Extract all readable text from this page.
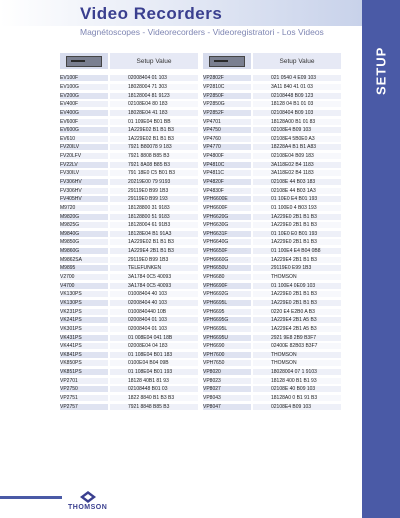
Video Recorders
Magnétoscopes - Videorecorders - Videoregistratori - Los Videos
SETUP
Setup Value
EV100F	02008404 01 103
EV100G	18028004 71 303
EV200G	18128004 81 9123
EV400F	02108E04 80 183
EV400G	18028E04 41 183
EV600F	01 109E04 B01 BB
EV600G	1A229E02 B1 B1 B3
EV610	1A229E02 B1 B1 B3
FV20ILV	7921 B80078 9 183
FV20LFV	7921 8808 B85 B3
FV22LV	7921 8A08 B85 B3
FV30ILV	791 18E0 C5 B01 B3
FV306HV	20219E00 79 9193
FV306HV	29119E0 B99 1B3
FV405HV	29119E0 B99 193
M9720	18128800 31 9183
M9820G	18128800 51 9183
M9825G	18128004 61 91B3
M9840G	18128E04 B1 91A3
M9850G	1A229E02 B1 B1 B3
M9860G	1A229E4 2B1 B1 B3
M9862SA	29119E0 B99 1B3
M9895	TELEFUNKEN
V2700	3A1784 0C5 40093
V4700	3A1784 0C5 40093
VK130PS	01008404 40 103
VK130PS	02008404 40 103
VK231PS	0100840440 10B
VK241PS	02008404 01 103
VK301PS	02008404 01 103
VK431PS	01 008E04 041 18B
VK441PS	02008E04 04 183
VK841PS	01 108E04 B01 183
VK850PS	0100E04 B04 09B
VK851PS	01 108E04 B01 193
VP2701	18128 40B1 81 93
VP2750	02108448 B01 03
VP2751	1822 8840 B1 B3 B3
VP2757	7921 8848 B85 B3
Setup Value
VP2802F	021 0540 4 E09 103
VP2810C	3A11 840 41 01 03
VP2850F	02108448 B09 123
VP2850G	18128 04 B1 01 03
VP2852F	02108404 B09 103
VP4701	18128A00 B1 01 83
VP4750	02108E4 B09 103
VP4760	02108E4 5B0E0 A3
VP4770	18228A4 B1 B1 A83
VP4800F	02108E04 B09 183
VP4810C	3A118E02 B4 1183
VP4811C	3A118E02 B4 1183
VP4820F	02108E 44 B03 183
VP4830F	02108E 44 B03 1A3
VPH6600E	01 10E0 E4 B01 193
VPH6600F	01 100E0 4 B03 193
VPH6620G	1A229E0 2B1 B1 B3
VPH6630G	1A229E0 2B1 B1 B3
VPH6631F	01 10E0 E0 B01 193
VPH6640G	1A229E0 2B1 B1 B3
VPH6650F	01 100E4 E4 B04 0B8
VPH6660G	1A229E4 2B1 B1 B3
VPH6650U	29119E0 E99 1B3
VPH6680	THOMSON
VPH6690F	01 100E4 0E09 103
VPH6692G	1A229E0 2B1 B1 B3
VPH6695L	1A229E0 2B1 B1 B3
VPH6695	0220 E4 E2B0 A B3
VPH6695G	1A229E4 2B1 A5 B3
VPH6695L	1A229E4 2B1 A5 B3
VPH6695U	2921 9E8 2B9 B3F7
VPH6690	02400E 82B03 B3F7
VPH7600	THOMSON
VPH7650	THOMSON
VP8020	18028004 07 1 9103
VP8023	18128 400 B1 B1 93
VP8027	02108E 40 B09 103
VP8043	18128A0 0 B1 91 B3
VP8047	02108E4 B09 103
THOMSON
